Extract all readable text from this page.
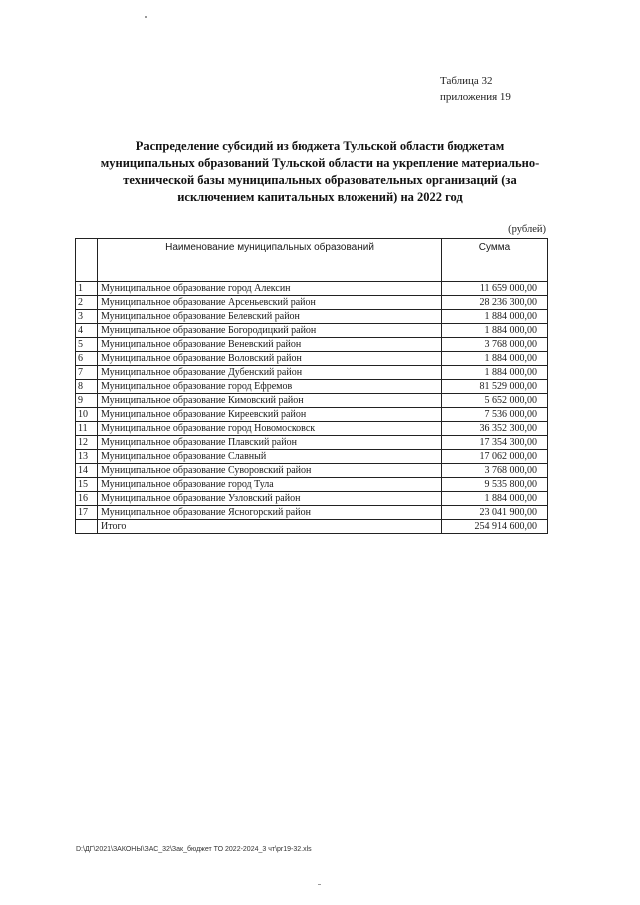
Таблица 32
приложения 19
Распределение субсидий из бюджета Тульской области бюджетам
муниципальных образований Тульской области на укрепление материально-
технической базы муниципальных образовательных организаций (за
исключением капитальных вложений) на 2022 год
(рублей)
	Наименование муниципальных образований	Сумма
1	Муниципальное образование город Алексин	11 659 000,00
2	Муниципальное образование Арсеньевский район	28 236 300,00
3	Муниципальное образование Белевский район	1 884 000,00
4	Муниципальное образование Богородицкий район	1 884 000,00
5	Муниципальное образование Веневский район	3 768 000,00
6	Муниципальное образование Воловский район	1 884 000,00
7	Муниципальное образование Дубенский район	1 884 000,00
8	Муниципальное образование город Ефремов	81 529 000,00
9	Муниципальное образование Кимовский район	5 652 000,00
10	Муниципальное образование Киреевский район	7 536 000,00
11	Муниципальное образование город Новомосковск	36 352 300,00
12	Муниципальное образование Плавский район	17 354 300,00
13	Муниципальное образование Славный	17 062 000,00
14	Муниципальное образование Суворовский район	3 768 000,00
15	Муниципальное образование город Тула	9 535 800,00
16	Муниципальное образование Узловский район	1 884 000,00
17	Муниципальное образование Ясногорский район	23 041 900,00
	Итого	254 914 600,00
D:\ДГ\2021\ЗАКОНЫ\ЗАС_32\Зак_бюджет ТО 2022-2024_3 чт\pr19-32.xls
